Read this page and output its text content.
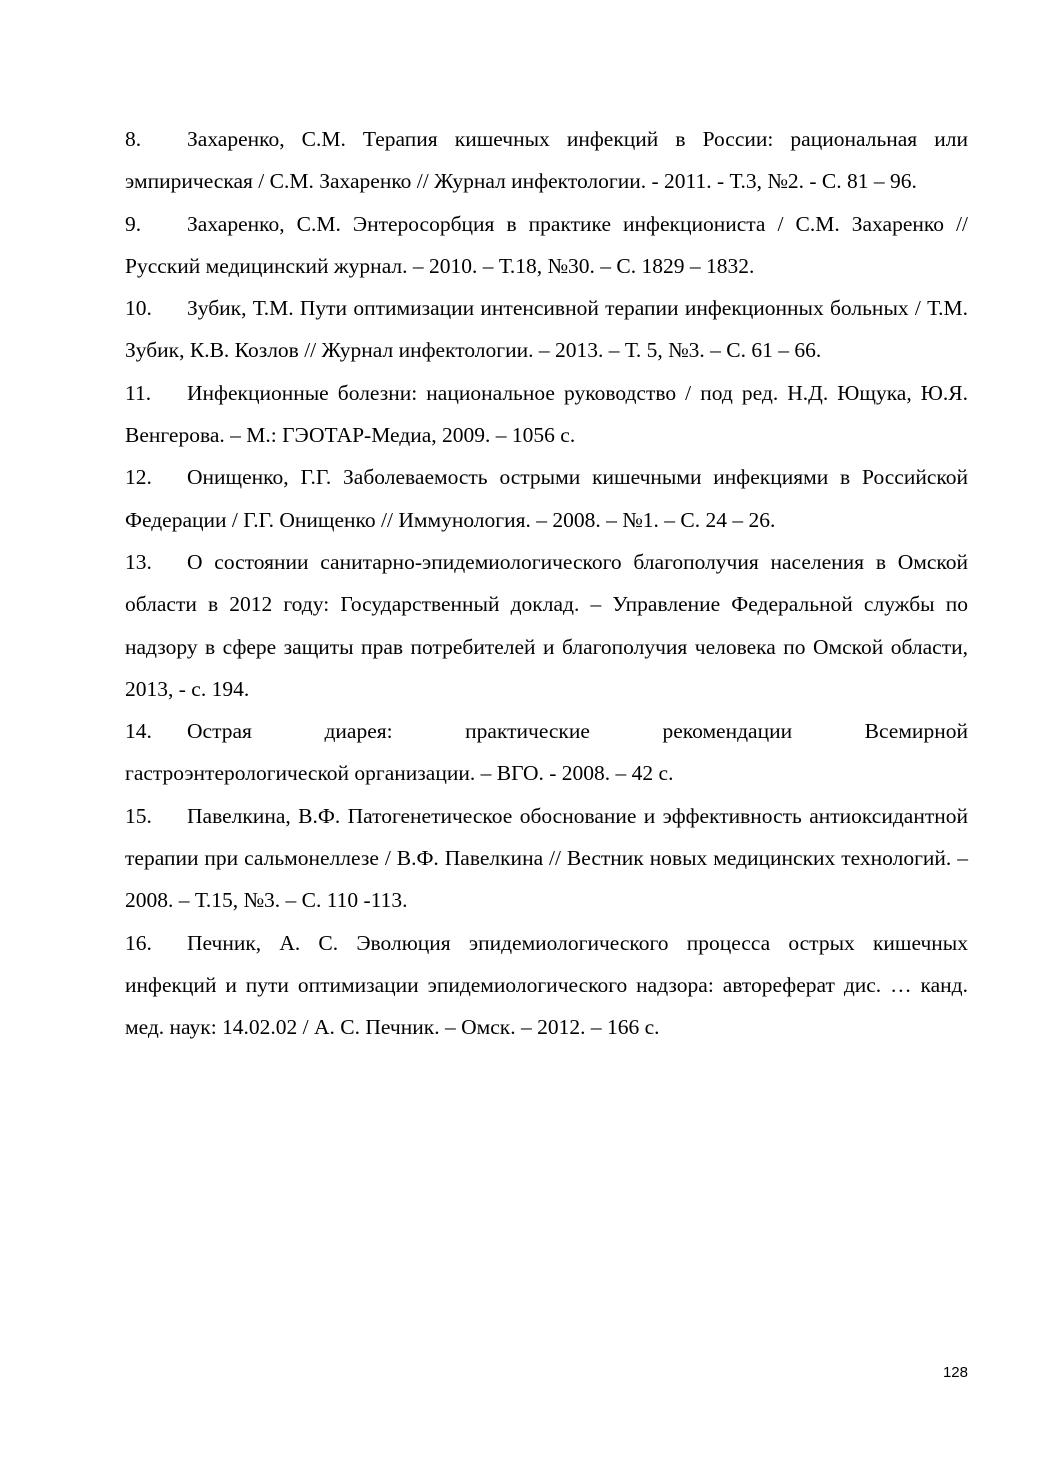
8. Захаренко, С.М. Терапия кишечных инфекций в России: рациональная или эмпирическая / С.М. Захаренко // Журнал инфектологии. - 2011. - Т.3, №2. - С. 81 – 96.

9. Захаренко, С.М. Энтеросорбция в практике инфекциониста / С.М. Захаренко // Русский медицинский журнал. – 2010. – Т.18, №30. – С. 1829 – 1832.

10. Зубик, Т.М. Пути оптимизации интенсивной терапии инфекционных больных / Т.М. Зубик, К.В. Козлов // Журнал инфектологии. – 2013. – Т. 5, №3. – С. 61 – 66.

11. Инфекционные болезни: национальное руководство / под ред. Н.Д. Ющука, Ю.Я. Венгерова. – М.: ГЭОТАР-Медиа, 2009. – 1056 с.

12. Онищенко, Г.Г. Заболеваемость острыми кишечными инфекциями в Российской Федерации / Г.Г. Онищенко // Иммунология. – 2008. – №1. – С. 24 – 26.

13. О состоянии санитарно-эпидемиологического благополучия населения в Омской области в 2012 году: Государственный доклад. – Управление Федеральной службы по надзору в сфере защиты прав потребителей и благополучия человека по Омской области, 2013, - с. 194.

14.	Острая	диарея:	практические	рекомендации	Всемирной
гастроэнтерологической организации. – ВГО. - 2008. – 42 с.

15. Павелкина, В.Ф. Патогенетическое обоснование и эффективность антиоксидантной терапии при сальмонеллезе / В.Ф. Павелкина // Вестник новых медицинских технологий. – 2008. – Т.15, №3. – С. 110 -113.

16. Печник, А. С. Эволюция эпидемиологического процесса острых кишечных инфекций и пути оптимизации эпидемиологического надзора: автореферат дис. … канд. мед. наук: 14.02.02 / А. С. Печник. – Омск. – 2012. – 166 с.

128
